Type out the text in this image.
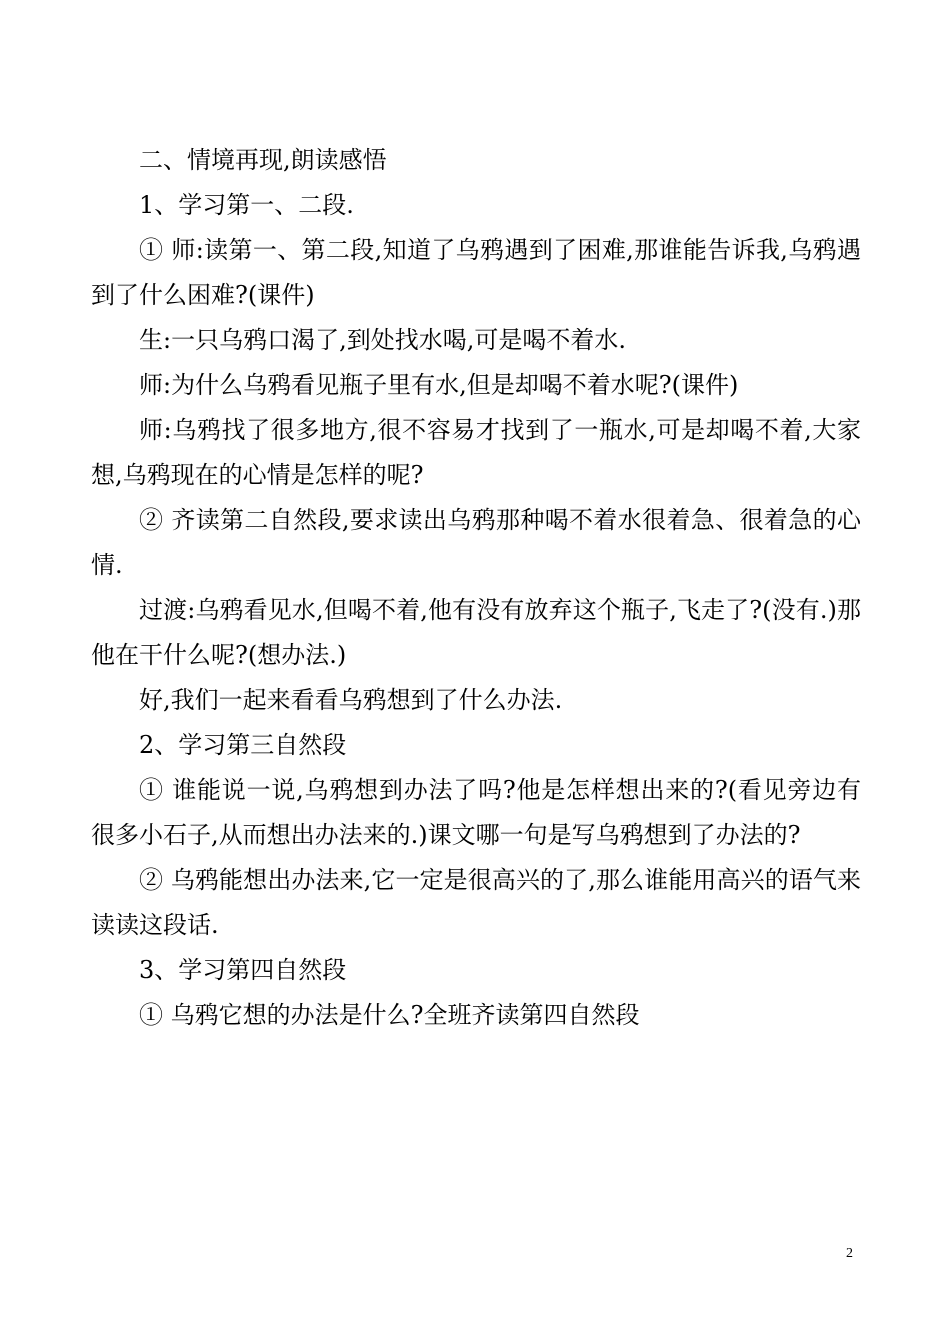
二、情境再现,朗读感悟

1、学习第一、二段.

① 师:读第一、第二段,知道了乌鸦遇到了困难,那谁能告诉我,乌鸦遇到了什么困难?(课件)

生:一只乌鸦口渴了,到处找水喝,可是喝不着水.

师:为什么乌鸦看见瓶子里有水,但是却喝不着水呢?(课件)

师:乌鸦找了很多地方,很不容易才找到了一瓶水,可是却喝不着,大家想,乌鸦现在的心情是怎样的呢?

② 齐读第二自然段,要求读出乌鸦那种喝不着水很着急、很着急的心情.

过渡:乌鸦看见水,但喝不着,他有没有放弃这个瓶子,飞走了?(没有.)那他在干什么呢?(想办法.)

好,我们一起来看看乌鸦想到了什么办法.

2、学习第三自然段

① 谁能说一说,乌鸦想到办法了吗?他是怎样想出来的?(看见旁边有很多小石子,从而想出办法来的.)课文哪一句是写乌鸦想到了办法的?

② 乌鸦能想出办法来,它一定是很高兴的了,那么谁能用高兴的语气来读读这段话.

3、学习第四自然段

① 乌鸦它想的办法是什么?全班齐读第四自然段

2
